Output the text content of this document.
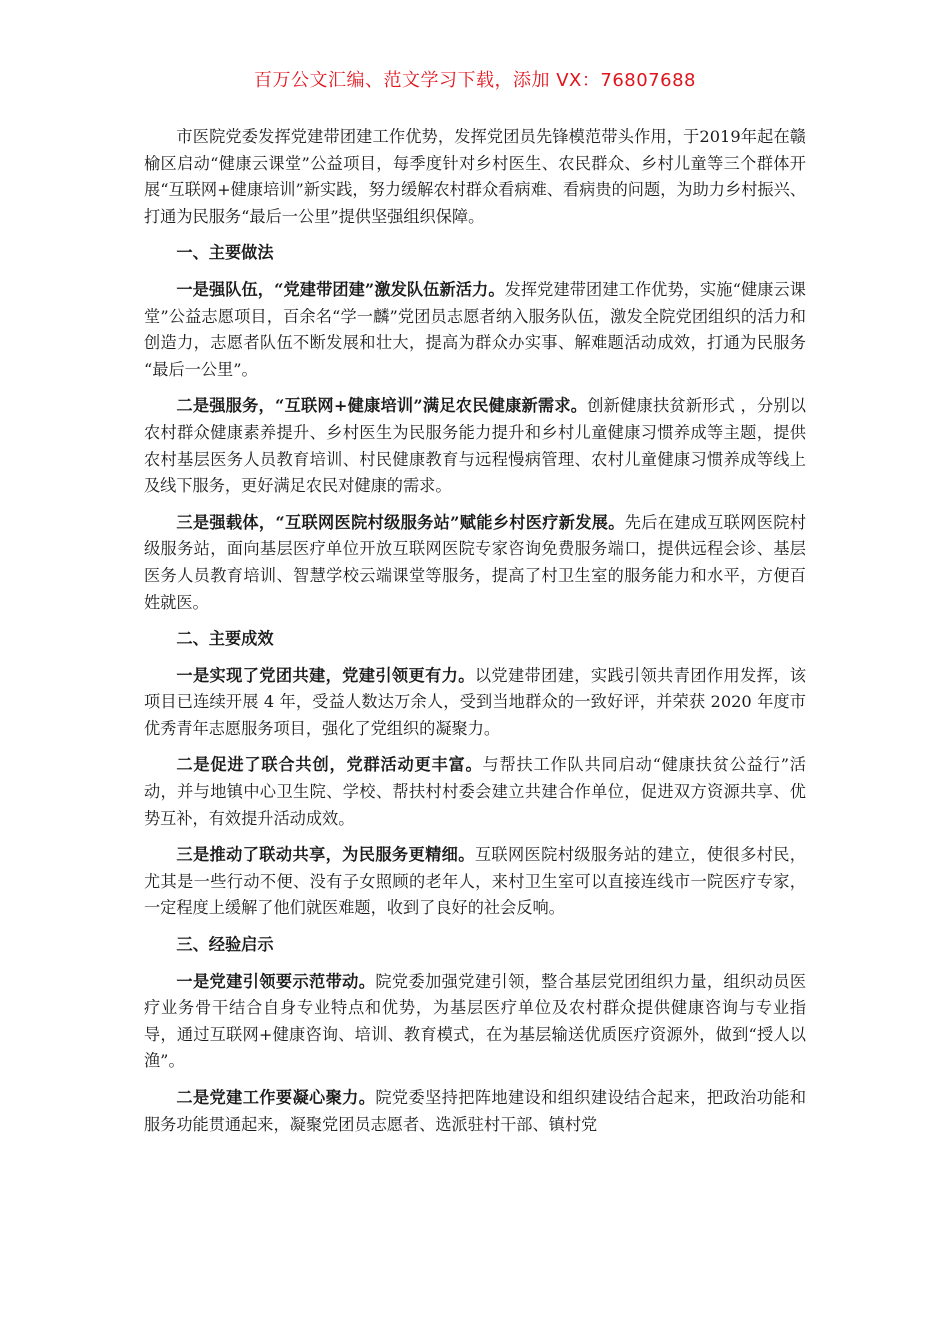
百万公文汇编、范文学习下载，添加 VX：76807688

市医院党委发挥党建带团建工作优势，发挥党团员先锋模范带头作用，于2019年起在赣榆区启动“健康云课堂”公益项目，每季度针对乡村医生、农民群众、乡村儿童等三个群体开展“互联网+健康培训”新实践，努力缓解农村群众看病难、看病贵的问题，为助力乡村振兴、打通为民服务“最后一公里”提供坚强组织保障。

一、主要做法

一是强队伍，“党建带团建”激发队伍新活力。发挥党建带团建工作优势，实施“健康云课堂”公益志愿项目，百余名“学一麟”党团员志愿者纳入服务队伍，激发全院党团组织的活力和创造力，志愿者队伍不断发展和壮大，提高为群众办实事、解难题活动成效，打通为民服务 “最后一公里”。

二是强服务，“互联网+健康培训”满足农民健康新需求。创新健康扶贫新形式 ，分别以农村群众健康素养提升、乡村医生为民服务能力提升和乡村儿童健康习惯养成等主题，提供农村基层医务人员教育培训、村民健康教育与远程慢病管理、农村儿童健康习惯养成等线上及线下服务，更好满足农民对健康的需求。

三是强载体，“互联网医院村级服务站”赋能乡村医疗新发展。先后在建成互联网医院村级服务站，面向基层医疗单位开放互联网医院专家咨询免费服务端口，提供远程会诊、基层医务人员教育培训、智慧学校云端课堂等服务，提高了村卫生室的服务能力和水平，方便百姓就医。

二、主要成效

一是实现了党团共建，党建引领更有力。以党建带团建，实践引领共青团作用发挥，该项目已连续开展 4 年，受益人数达万余人，受到当地群众的一致好评，并荣获 2020 年度市优秀青年志愿服务项目，强化了党组织的凝聚力。

二是促进了联合共创，党群活动更丰富。与帮扶工作队共同启动“健康扶贫公益行”活动，并与地镇中心卫生院、学校、帮扶村村委会建立共建合作单位，促进双方资源共享、优势互补，有效提升活动成效。

三是推动了联动共享，为民服务更精细。互联网医院村级服务站的建立，使很多村民，尤其是一些行动不便、没有子女照顾的老年人，来村卫生室可以直接连线市一院医疗专家，一定程度上缓解了他们就医难题，收到了良好的社会反响。

三、经验启示

一是党建引领要示范带动。院党委加强党建引领，整合基层党团组织力量，组织动员医疗业务骨干结合自身专业特点和优势，为基层医疗单位及农村群众提供健康咨询与专业指导，通过互联网+健康咨询、培训、教育模式，在为基层输送优质医疗资源外，做到“授人以渔”。

二是党建工作要凝心聚力。院党委坚持把阵地建设和组织建设结合起来，把政治功能和服务功能贯通起来，凝聚党团员志愿者、选派驻村干部、镇村党
